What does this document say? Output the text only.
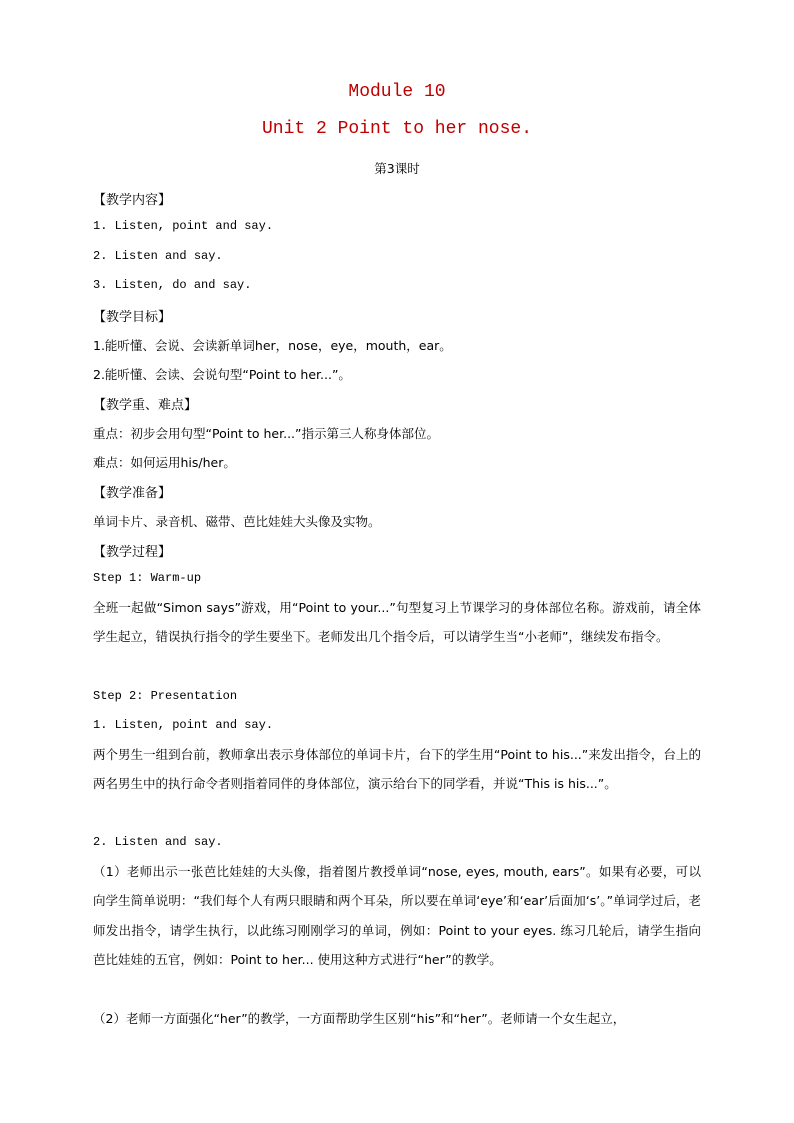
Module 10
Unit 2 Point to her nose.
第3课时
【教学内容】
1. Listen, point and say.
2. Listen and say.
3. Listen, do and say.
【教学目标】
1.能听懂、会说、会读新单词her，nose，eye，mouth，ear。
2.能听懂、会读、会说句型“Point to her...”。
【教学重、难点】
重点：初步会用句型“Point to her...”指示第三人称身体部位。
难点：如何运用his/her。
【教学准备】
单词卡片、录音机、磁带、芭比娃娃大头像及实物。
【教学过程】
Step 1: Warm-up

全班一起做“Simon says”游戏，用“Point to your...”句型复习上节课学习的身体部位名称。游戏前，请全体学生起立，错误执行指令的学生要坐下。老师发出几个指令后，可以请学生当“小老师”，继续发布指令。

Step 2: Presentation
1. Listen, point and say.

两个男生一组到台前，教师拿出表示身体部位的单词卡片，台下的学生用“Point to his...”来发出指令，台上的两名男生中的执行命令者则指着同伴的身体部位，演示给台下的同学看，并说“This is his...”。

2. Listen and say.

（1）老师出示一张芭比娃娃的大头像，指着图片教授单词“nose, eyes, mouth, ears”。如果有必要，可以向学生简单说明：“我们每个人有两只眼睛和两个耳朵，所以要在单词‘eye’和‘ear’后面加‘s’。”单词学过后，老师发出指令，请学生执行，以此练习刚刚学习的单词，例如：Point to your eyes. 练习几轮后，请学生指向芭比娃娃的五官，例如：Point to her... 使用这种方式进行“her”的教学。

（2）老师一方面强化“her”的教学，一方面帮助学生区别“his”和“her”。老师请一个女生起立，
